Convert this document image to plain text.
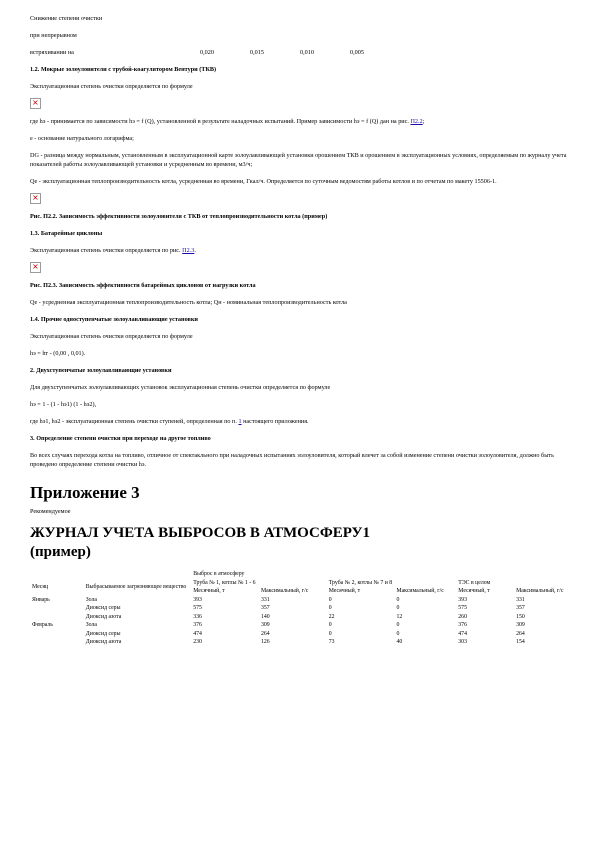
Снижение степени очистки

при непрерывном

встряхивании на	0,020	0,015	0,010	0,005

1.2. Мокрые золоуловители с трубой-коагулятором Вентури (ТКВ)

Эксплуатационная степень очистки определяется по формуле

×

где hэ - принимается по зависимости hэ = f (Q), установленной в результате наладочных испытаний. Пример зависимости hэ = f (Q) дан на рис. П2.2;

е - основание натурального логарифма;

DG - разница между нормальным, установленным в эксплуатационной карте золоулавливающей установки орошением ТКВ и орошением в эксплуатационных условиях, определяемым по журналу учета показателей работы золоулавливающей установки и усредненным во времени, м3/ч;

Qе - эксплуатационная теплопроизводительность котла, усредненная во времени, Гкал/ч. Определяется по суточным ведомостям работы котлов и по отчетам по макету 15506-1.

×

Рис. П2.2. Зависимость эффективности золоуловителя с ТКВ от теплопроизводительности котла (пример)

1.3. Батарейные циклоны

Эксплуатационная степень очистки определяется по рис. П2.3.

×

Рис. П2.3. Зависимость эффективности батарейных циклонов от нагрузки котла

Qе - усредненная эксплуатационная теплопроизводительность котла; Qн - номинальная теплопроизводительность котла

1.4. Прочие одноступенчатые золоулавливающие установки

Эксплуатационная степень очистки определяется по формуле

hэ = hт - (0,00 , 0,01).

2. Двухступенчатые золоулавливающие установки

Для двухступенчатых золоулавливающих установок эксплуатационная степень очистки определяется по формуле

hэ = 1 - (1 - hэ1) (1 - hэ2),

где hэ1, hэ2 - эксплуатационная степень очистки ступеней, определенная по п. 1 настоящего приложения.

3. Определение степени очистки при переходе на другое топливо

Во всех случаях перехода котла на топливо, отличное от спектакльного при наладочных испытаниях золоуловителя, который влечет за собой изменение степени очистки золоуловителя, должно быть проведено определение степени очистки hэ.

Приложение 3

Рекомендуемое

ЖУРНАЛ УЧЕТА ВЫБРОСОВ В АТМОСФЕРУ1
(пример)
		Выброс в атмосферу					
Месяц	Выбрасываемое загрязняющее вещество	Труба № 1, котлы № 1 - 6		Труба № 2, котлы № 7 и 8		ТЭС в целом	
		Месячный, т	Максимальный, г/с	Месячный, т	Максимальный, г/с	Месячный, т	Максимальный, г/с
Январь	Зола	393	331	0	0	393	331
	Диоксид серы	575	357	0	0	575	357
	Диоксид азота	336	140	22	12	260	150
Февраль	Зола	376	309	0	0	376	309
	Диоксид серы	474	264	0	0	474	264
	Диоксид азота	230	126	73	40	303	154
